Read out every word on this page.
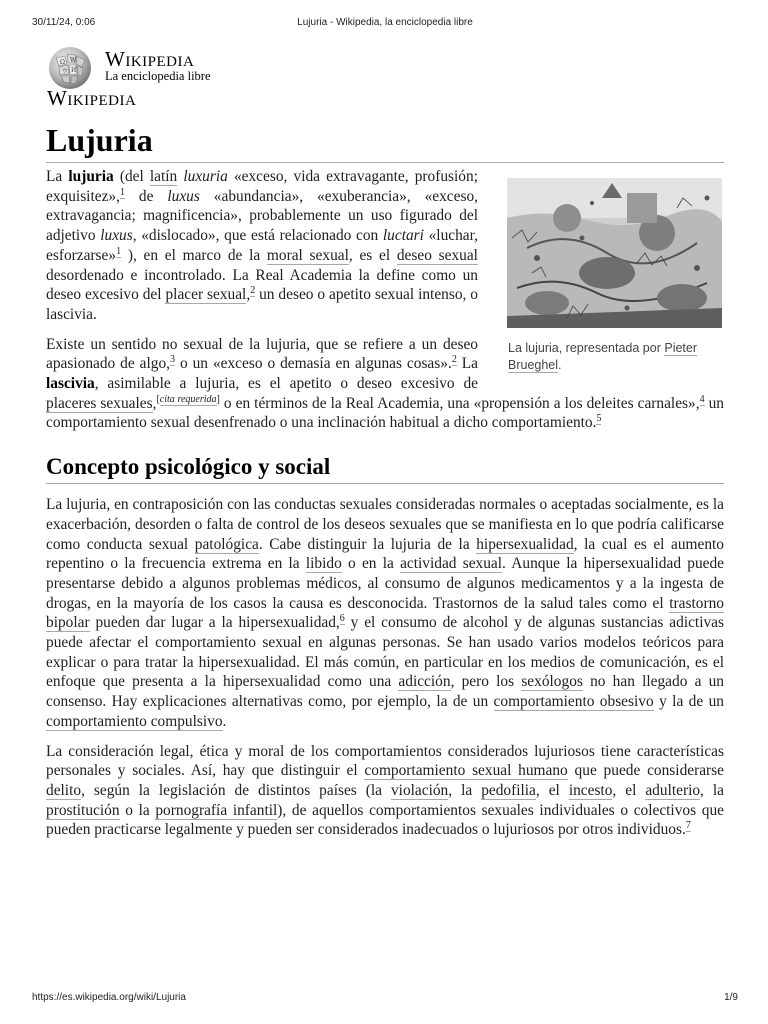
30/11/24, 0:06	Lujuria - Wikipedia, la enciclopedia libre
Ω W
И
ウ
Wikipedia
La enciclopedia libre
Wikipedia
Lujuria
La lujuria, representada por Pieter Brueghel.

La lujuria (del latín luxuria «exceso, vida extravagante, profusión; exquisitez»,$^1$ de luxus «abundancia», «exuberancia», «exceso, extravagancia; magnificencia», probablemente un uso figurado del adjetivo luxus, «dislocado», que está relacionado con luctari «luchar, esforzarse»$^1$ ), en el marco de la moral sexual, es el deseo sexual desordenado e incontrolado. La Real Academia la define como un deseo excesivo del placer sexual,$^2$ un deseo o apetito sexual intenso, o lascivia.

Existe un sentido no sexual de la lujuria, que se refiere a un deseo apasionado de algo,$^3$ o un «exceso o demasía en algunas cosas».$^2$ La lascivia, asimilable a lujuria, es el apetito o deseo excesivo de placeres sexuales,[cita requerida] o en términos de la Real Academia, una «propensión a los deleites carnales»,$^4$ un comportamiento sexual desenfrenado o una inclinación habitual a dicho comportamiento.$^5$

Concepto psicológico y social

La lujuria, en contraposición con las conductas sexuales consideradas normales o aceptadas socialmente, es la exacerbación, desorden o falta de control de los deseos sexuales que se manifiesta en lo que podría calificarse como conducta sexual patológica. Cabe distinguir la lujuria de la hipersexualidad, la cual es el aumento repentino o la frecuencia extrema en la libido o en la actividad sexual. Aunque la hipersexualidad puede presentarse debido a algunos problemas médicos, al consumo de algunos medicamentos y a la ingesta de drogas, en la mayoría de los casos la causa es desconocida. Trastornos de la salud tales como el trastorno bipolar pueden dar lugar a la hipersexualidad,$^6$ y el consumo de alcohol y de algunas sustancias adictivas puede afectar el comportamiento sexual en algunas personas. Se han usado varios modelos teóricos para explicar o para tratar la hipersexualidad. El más común, en particular en los medios de comunicación, es el enfoque que presenta a la hipersexualidad como una adicción, pero los sexólogos no han llegado a un consenso. Hay explicaciones alternativas como, por ejemplo, la de un comportamiento obsesivo y la de un comportamiento compulsivo.

La consideración legal, ética y moral de los comportamientos considerados lujuriosos tiene características personales y sociales. Así, hay que distinguir el comportamiento sexual humano que puede considerarse delito, según la legislación de distintos países (la violación, la pedofilia, el incesto, el adulterio, la prostitución o la pornografía infantil), de aquellos comportamientos sexuales individuales o colectivos que pueden practicarse legalmente y pueden ser considerados inadecuados o lujuriosos por otros individuos.$^7$

https://es.wikipedia.org/wiki/Lujuria	1/9
